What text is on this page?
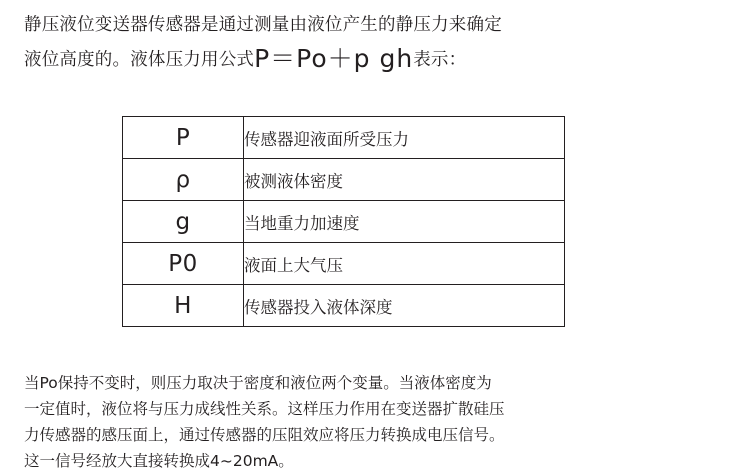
静压液位变送器传感器是通过测量由液位产生的静压力来确定
液位高度的。液体压力用公式P＝Po＋p gh表示：
P	传感器迎液面所受压力
ρ	被测液体密度
g	当地重力加速度
P0	液面上大气压
H	传感器投入液体深度
当Po保持不变时，则压力取决于密度和液位两个变量。当液体密度为
一定值时，液位将与压力成线性关系。这样压力作用在变送器扩散硅压
力传感器的感压面上，通过传感器的压阻效应将压力转换成电压信号。
这一信号经放大直接转换成4~20mA。
